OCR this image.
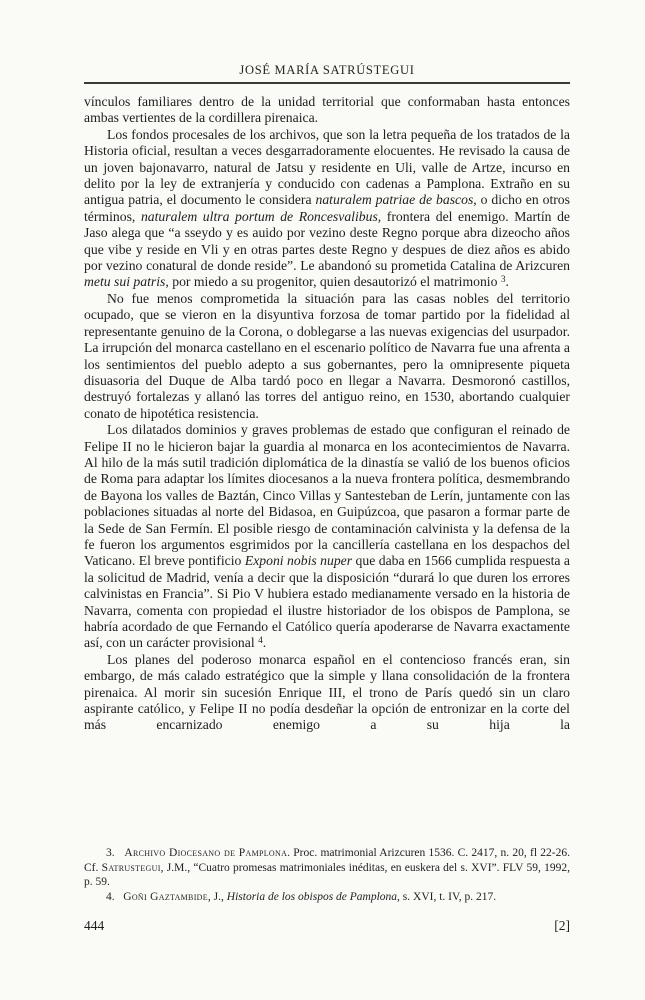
JOSÉ MARÍA SATRÚSTEGUI

vínculos familiares dentro de la unidad territorial que conformaban hasta entonces ambas vertientes de la cordillera pirenaica.

Los fondos procesales de los archivos, que son la letra pequeña de los tratados de la Historia oficial, resultan a veces desgarradoramente elocuentes. He revisado la causa de un joven bajonavarro, natural de Jatsu y residente en Uli, valle de Artze, incurso en delito por la ley de extranjería y conducido con cadenas a Pamplona. Extraño en su antigua patria, el documento le considera naturalem patriae de bascos, o dicho en otros términos, naturalem ultra portum de Roncesvalibus, frontera del enemigo. Martín de Jaso alega que “a sseydo y es auido por vezino deste Regno porque abra dizeocho años que vibe y reside en Vli y en otras partes deste Regno y despues de diez años es abido por vezino conatural de donde reside”. Le abandonó su prometida Catalina de Arizcuren metu sui patris, por miedo a su progenitor, quien desautorizó el matrimonio $^3$.

No fue menos comprometida la situación para las casas nobles del territorio ocupado, que se vieron en la disyuntiva forzosa de tomar partido por la fidelidad al representante genuino de la Corona, o doblegarse a las nuevas exigencias del usurpador. La irrupción del monarca castellano en el escenario político de Navarra fue una afrenta a los sentimientos del pueblo adepto a sus gobernantes, pero la omnipresente piqueta disuasoria del Duque de Alba tardó poco en llegar a Navarra. Desmoronó castillos, destruyó fortalezas y allanó las torres del antiguo reino, en 1530, abortando cualquier conato de hipotética resistencia.

Los dilatados dominios y graves problemas de estado que configuran el reinado de Felipe II no le hicieron bajar la guardia al monarca en los acontecimientos de Navarra. Al hilo de la más sutil tradición diplomática de la dinastía se valió de los buenos oficios de Roma para adaptar los límites diocesanos a la nueva frontera política, desmembrando de Bayona los valles de Baztán, Cinco Villas y Santesteban de Lerín, juntamente con las poblaciones situadas al norte del Bidasoa, en Guipúzcoa, que pasaron a formar parte de la Sede de San Fermín. El posible riesgo de contaminación calvinista y la defensa de la fe fueron los argumentos esgrimidos por la cancillería castellana en los despachos del Vaticano. El breve pontificio Exponi nobis nuper que daba en 1566 cumplida respuesta a la solicitud de Madrid, venía a decir que la disposición “durará lo que duren los errores calvinistas en Francia”. Si Pio V hubiera estado medianamente versado en la historia de Navarra, comenta con propiedad el ilustre historiador de los obispos de Pamplona, se habría acordado de que Fernando el Católico quería apoderarse de Navarra exactamente así, con un carácter provisional $^4$.

Los planes del poderoso monarca español en el contencioso francés eran, sin embargo, de más calado estratégico que la simple y llana consolidación de la frontera pirenaica. Al morir sin sucesión Enrique III, el trono de París quedó sin un claro aspirante católico, y Felipe II no podía desdeñar la opción de entronizar en la corte del más encarnizado enemigo a su hija la

3.   Archivo Diocesano de Pamplona. Proc. matrimonial Arizcuren 1536. C. 2417, n. 20, fl 22-26. Cf. Satrustegui, J.M., “Cuatro promesas matrimoniales inéditas, en euskera del s. XVI”. FLV 59, 1992, p. 59.

4.   Goñi Gaztambide, J., Historia de los obispos de Pamplona, s. XVI, t. IV, p. 217.

444	[2]
